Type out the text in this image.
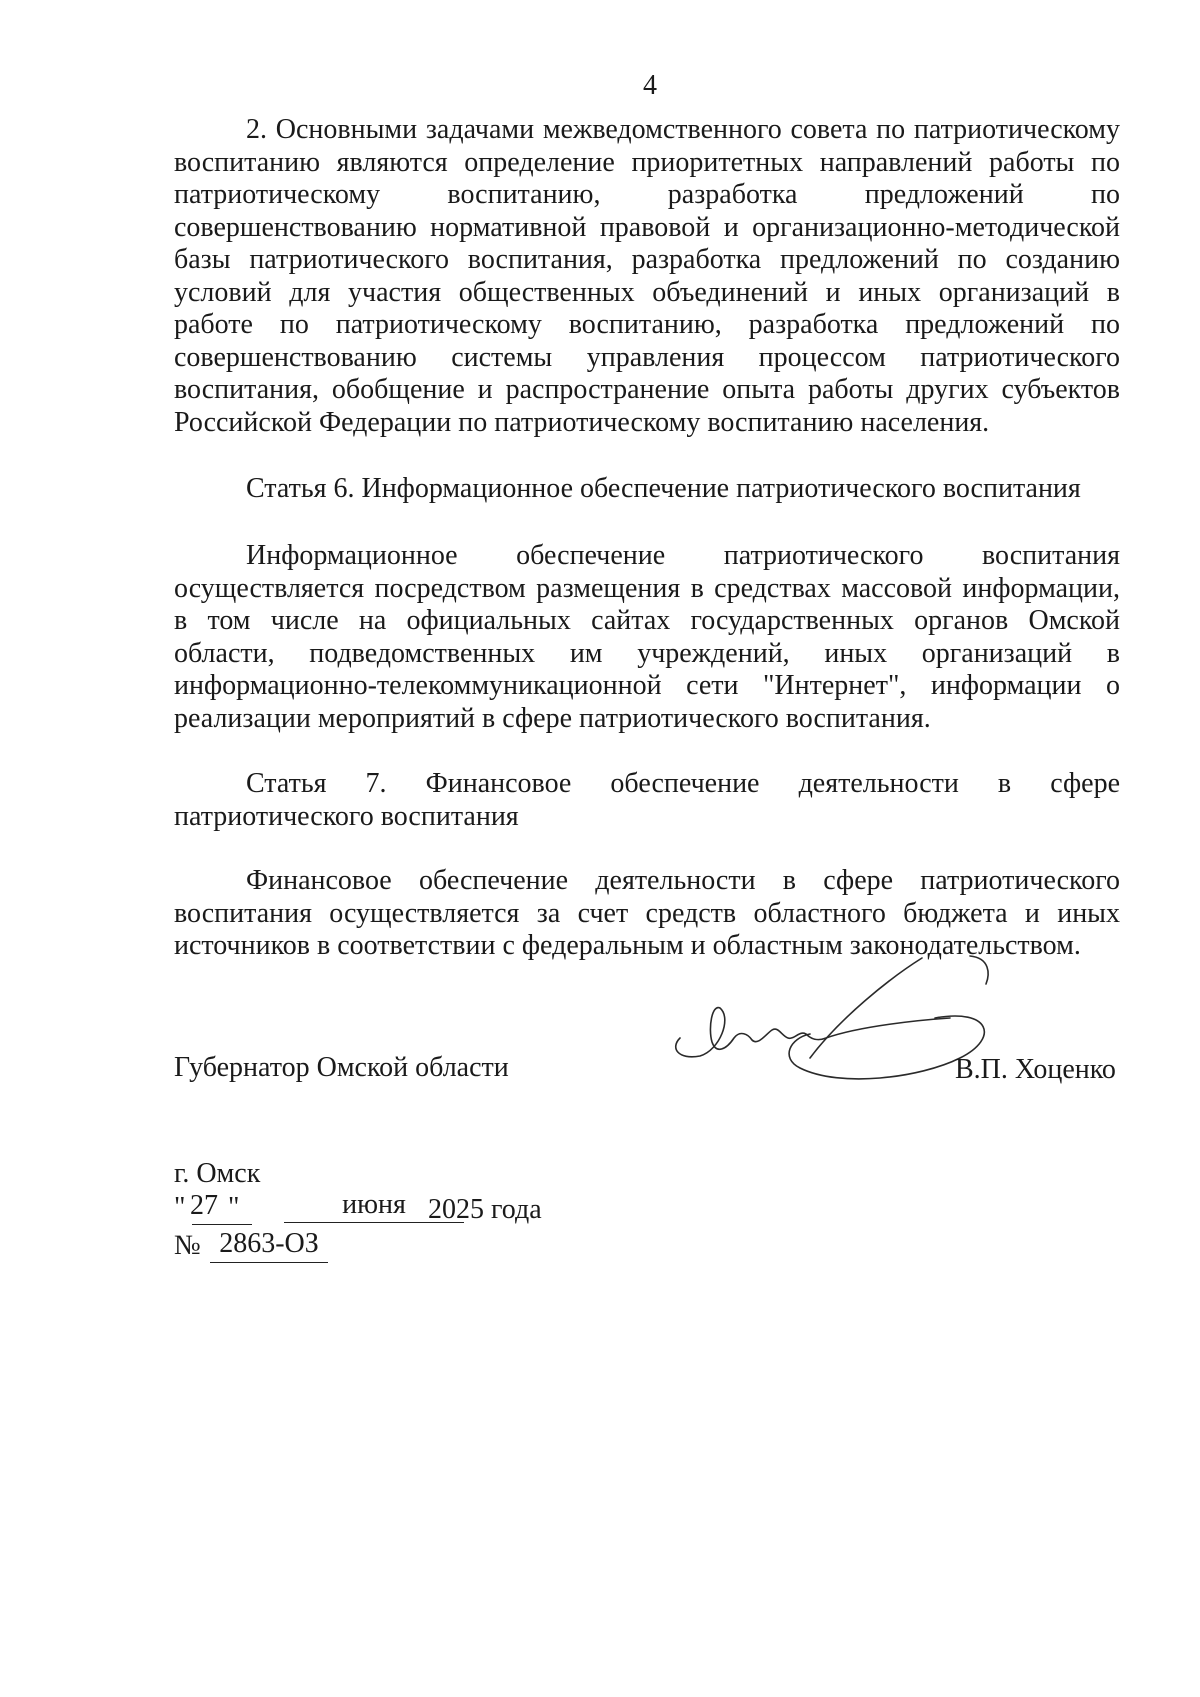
4

2. Основными задачами межведомственного совета по патриотическому воспитанию являются определение приоритетных направлений работы по патриотическому воспитанию, разработка предложений по совершенствованию нормативной правовой и организационно-методической базы патриотического воспитания, разработка предложений по созданию условий для участия общественных объединений и иных организаций в работе по патриотическому воспитанию, разработка предложений по совершенствованию системы управления процессом патриотического воспитания, обобщение и распространение опыта работы других субъектов Российской Федерации по патриотическому воспитанию населения.

Статья 6. Информационное обеспечение патриотического воспитания

Информационное обеспечение патриотического воспитания осуществляется посредством размещения в средствах массовой информации, в том числе на официальных сайтах государственных органов Омской области, подведомственных им учреждений, иных организаций в информационно-телекоммуникационной сети "Интернет", информации о реализации мероприятий в сфере патриотического воспитания.

Статья 7. Финансовое обеспечение деятельности в сфере патриотического воспитания

Финансовое обеспечение деятельности в сфере патриотического воспитания осуществляется за счет средств областного бюджета и иных источников в соответствии с федеральным и областным законодательством.

Губернатор Омской области	В.П. Хоценко
г. Омск
" 27 "	июня 2025 года
№ 2863-ОЗ
